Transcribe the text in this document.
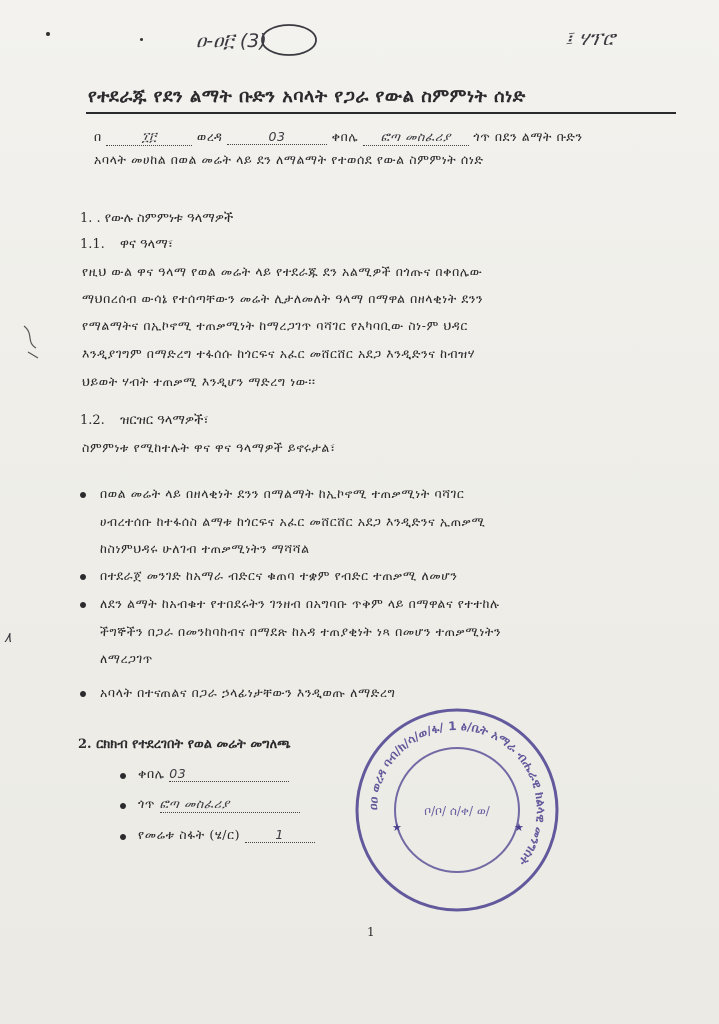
ዐ-ዐ፫ (3)	፤ ሃፕሮ
የተደራጁ የደን ልማት ቡድን አባላት የጋራ የውል ስምምነት ሰነድ
በ	፲፫	ወረዳ	03	ቀበሌ ፎጣ መስፈሪያ ጎጥ በደን ልማት ቡድን
አባላት መሀከል በወል መሬት ላይ ደን ለማልማት የተወሰደ የውል ስምምነት ሰነድ
1. . የውሉ ስምምነቱ ዓላማዎች
1.1. ዋና ዓላማ፣
የዚህ ውል ዋና ዓላማ የወል መሬት ላይ የተደራጁ ደን አልሚዎች በጎጡና በቀበሌው
ማህበረሰብ ውሳኔ የተሰጣቸውን መሬት ሊታለመለት ዓላማ በማዋል በዘላቂነት ደንን
የማልማትና በኢኮኖሚ ተጠቃሚነት ከማረጋገጥ ባሻገር የአካባቢው ስነ-ም ህዳር
እንዲያገግም በማድረግ ተፋሰሱ ከጎርፍና አፈር መሸርሸር አደጋ እንዲድንና ከብዝሃ
ህይወት ሃብት ተጠቃሚ እንዲሆን ማድረግ ነው፡፡
1.2. ዝርዝር ዓላማዎች፣
ስምምነቱ የሚከተሉት ዋና ዋና ዓላማዎች ይኖሩታል፣
በወል መሬት ላይ በዘላቂነት ደንን በማልማት ከኢኮኖሚ ተጠቃሚነት ባሻገር
ሀብረተሰቡ ከተፋሰስ ልማቱ ከጎርፍና አፈር መሸርሸር አደጋ እንዲድንና ኢጠቃሚ
ከስነምህዳሩ ሁለገብ ተጠቃሚነትን ማሻሻል
በተደራጀ መንገድ ከአማራ ብድርና ቁጠባ ተቋም የብድር ተጠቃሚ ለመሆን
ለደን ልማት ከአብቁተ የተበደሩትን ገንዘብ በአግባቡ ጥቅም ላይ በማዋልና የተተከሉ
ችግኞችን በጋራ በመንከባከብና በማደጽ ከአዳ ተጠያቂነት ነጻ በመሆን ተጠቃሚነትን
ለማረጋገጥ
አባላት በተናጠልና በጋራ ኃላፊነታቸውን እንዲወጡ ለማድረግ
2. ርክክብ የተደረገበት የወል መሬት መግለጫ
ቀበሌ 03
ጎጥ ፎጣ መስፈሪያ
የመሬቱ ስፋት (ሄ/ር)	1
٨
ዐዐ ወረዳ ባብ/ክ/ሳ/ወ/ፋ/ 1 ፅ/ቤት አማራ ብሔራዊ ክልላዊ መንግስት
ቦ/ቦ/ ሰ/ቀ/ ወ/
★	★
1
